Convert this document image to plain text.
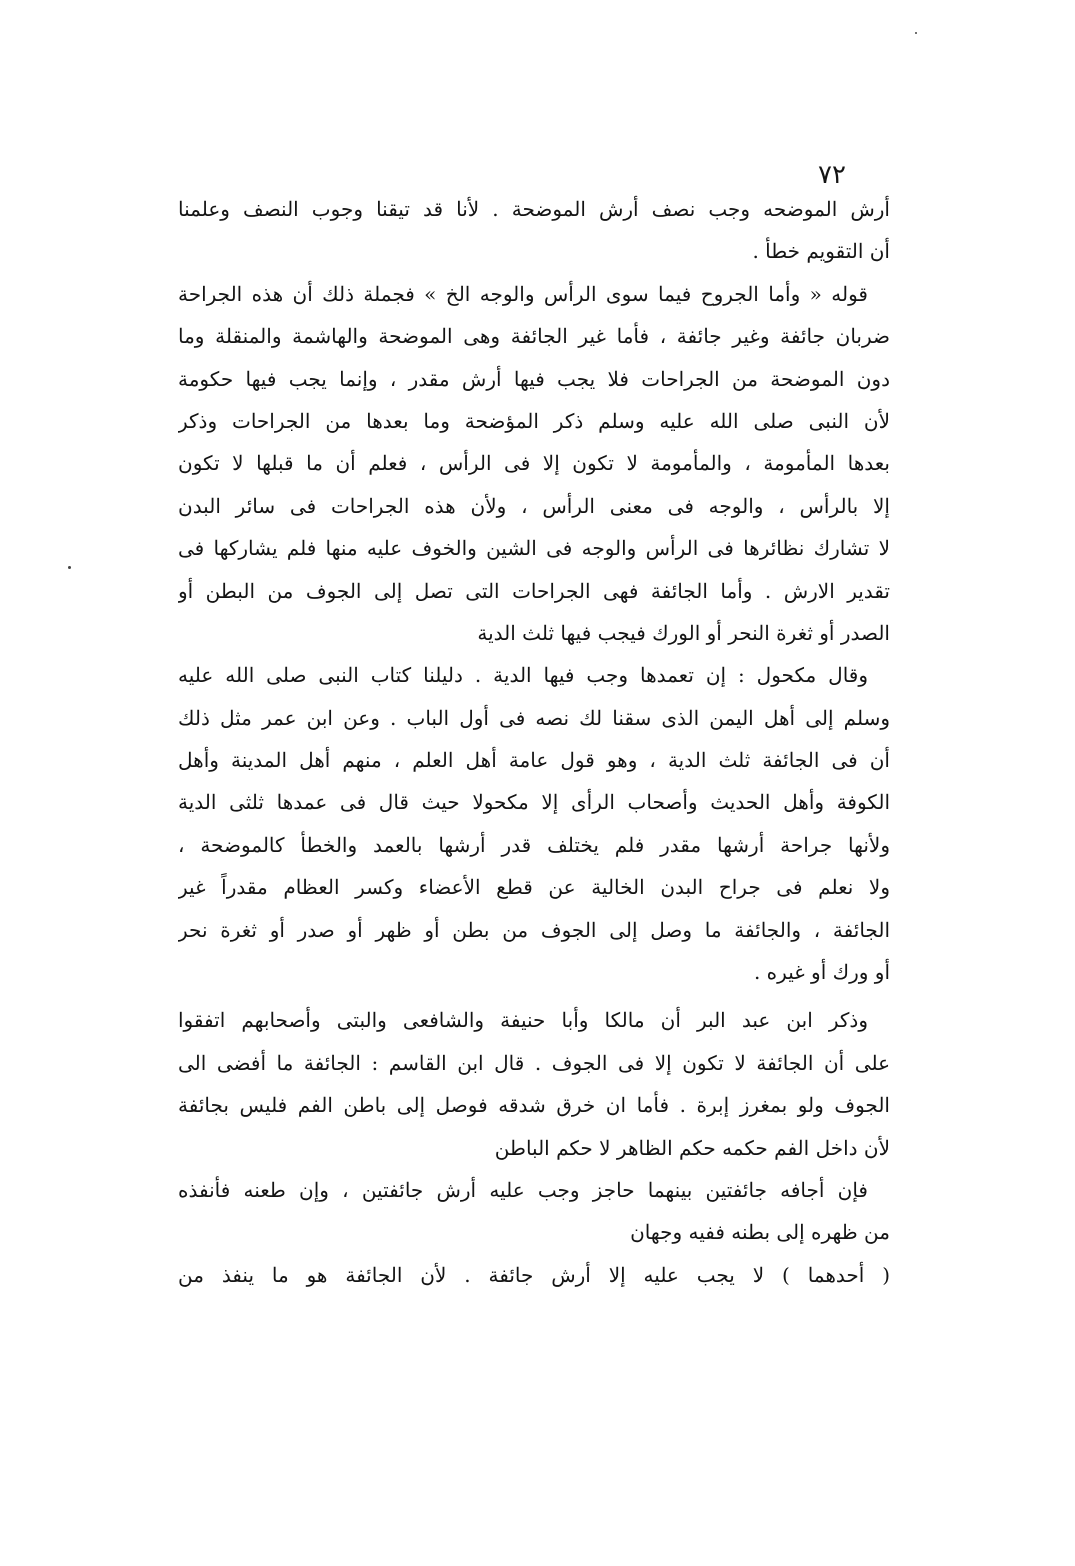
٧٢
أرش الموضحه وجب نصف أرش الموضحة . لأنا قد تيقنا وجوب النصف وعلمنا
أن التقويم خطأ .
قوله « وأما الجروح فيما سوى الرأس والوجه الخ » فجملة ذلك أن هذه الجراحة
ضربان جائفة وغير جائفة ، فأما غير الجائفة وهى الموضحة والهاشمة والمنقلة وما
دون الموضحة من الجراحات فلا يجب فيها أرش مقدر ، وإنما يجب فيها حكومة
لأن النبى صلى الله عليه وسلم ذكر المؤضحة وما بعدها من الجراحات وذكر
بعدها المأمومة ، والمأمومة لا تكون إلا فى الرأس ، فعلم أن ما قبلها لا تكون
إلا بالرأس ، والوجه فى معنى الرأس ، ولأن هذه الجراحات فى سائر البدن
لا تشارك نظائرها فى الرأس والوجه فى الشين والخوف عليه منها فلم يشاركها فى
تقدير الارش . وأما الجائفة فهى الجراحات التى تصل إلى الجوف من البطن أو
الصدر أو ثغرة النحر أو الورك فيجب فيها ثلث الدية
وقال مكحول : إن تعمدها وجب فيها الدية . دليلنا كتاب النبى صلى الله عليه
وسلم إلى أهل اليمن الذى سقنا لك نصه فى أول الباب . وعن ابن عمر مثل ذلك
أن فى الجائفة ثلث الدية ، وهو قول عامة أهل العلم ، منهم أهل المدينة وأهل
الكوفة وأهل الحديث وأصحاب الرأى إلا مكحولا حيث قال فى عمدها ثلثى الدية
ولأنها جراحة أرشها مقدر فلم يختلف قدر أرشها بالعمد والخطأ كالموضحة ،
ولا نعلم فى جراح البدن الخالية عن قطع الأعضاء وكسر العظام مقدراً غير
الجائفة ، والجائفة ما وصل إلى الجوف من بطن أو ظهر أو صدر أو ثغرة نحر
أو ورك أو غيره .
وذكر ابن عبد البر أن مالكا وأبا حنيفة والشافعى والبتى وأصحابهم اتفقوا
على أن الجائفة لا تكون إلا فى الجوف . قال ابن القاسم : الجائفة ما أفضى الى
الجوف ولو بمغرز إبرة . فأما ان خرق شدقه فوصل إلى باطن الفم فليس بجائفة
لأن داخل الفم حكمه حكم الظاهر لا حكم الباطن
فإن أجافه جائفتين بينهما حاجز وجب عليه أرش جائفتين ، وإن طعنه فأنفذه
من ظهره إلى بطنه ففيه وجهان
( أحدهما ) لا يجب عليه إلا أرش جائفة . لأن الجائفة هو ما ينفذ من
